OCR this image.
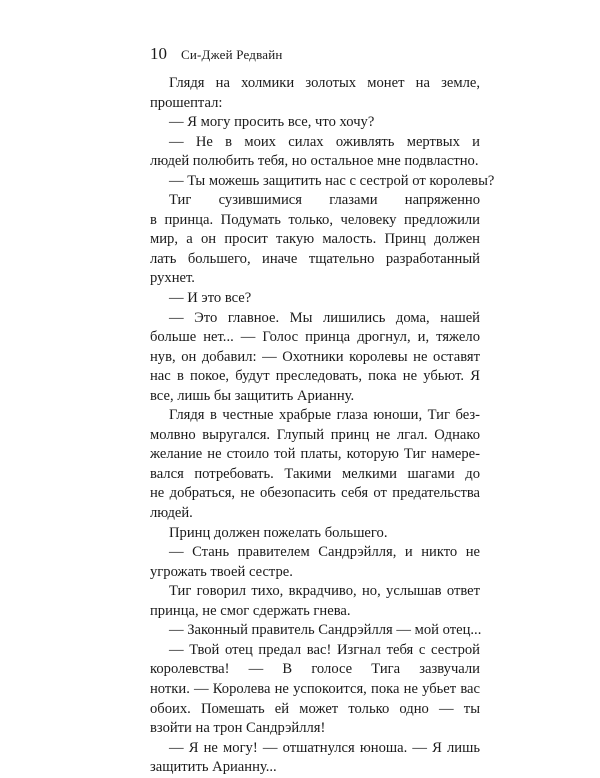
10 Си-Джей Редвайн
Глядя на холмики золотых монет на земле,
прошептал:
— Я могу просить все, что хочу?
— Не в моих силах оживлять мертвых и
людей полюбить тебя, но остальное мне подвластно.
— Ты можешь защитить нас с сестрой от королевы?
Тиг сузившимися глазами напряженно
в принца. Подумать только, человеку предложили
мир, а он просит такую малость. Принц должен
лать большего, иначе тщательно разработанный
рухнет.
— И это все?
— Это главное. Мы лишились дома, нашей
больше нет... — Голос принца дрогнул, и, тяжело
нув, он добавил: — Охотники королевы не оставят
нас в покое, будут преследовать, пока не убьют. Я
все, лишь бы защитить Арианну.
Глядя в честные храбрые глаза юноши, Тиг без-
молвно выругался. Глупый принц не лгал. Однако
желание не стоило той платы, которую Тиг намере-
вался потребовать. Такими мелкими шагами до
не добраться, не обезопасить себя от предательства
людей.
Принц должен пожелать большего.
— Стань правителем Сандрэйлля, и никто не
угрожать твоей сестре.
Тиг говорил тихо, вкрадчиво, но, услышав ответ
принца, не смог сдержать гнева.
— Законный правитель Сандрэйлля — мой отец...
— Твой отец предал вас! Изгнал тебя с сестрой
королевства! — В голосе Тига зазвучали
нотки. — Королева не успокоится, пока не убьет вас
обоих. Помешать ей может только одно — ты
взойти на трон Сандрэйлля!
— Я не могу! — отшатнулся юноша. — Я лишь
защитить Арианну...
